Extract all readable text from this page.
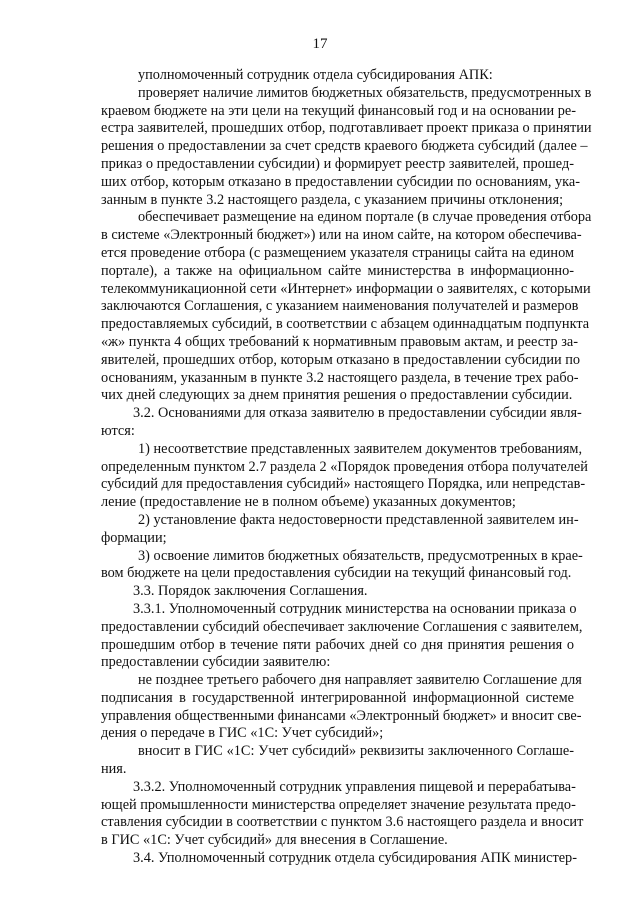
17
уполномоченный сотрудник отдела субсидирования АПК:
проверяет наличие лимитов бюджетных обязательств, предусмотренных в
краевом бюджете на эти цели на текущий финансовый год и на основании ре-
естра заявителей, прошедших отбор, подготавливает проект приказа о принятии
решения о предоставлении за счет средств краевого бюджета субсидий (далее –
приказ о предоставлении субсидии) и формирует реестр заявителей, прошед-
ших отбор, которым отказано в предоставлении субсидии по основаниям, ука-
занным в пункте 3.2 настоящего раздела, с указанием причины отклонения;
обеспечивает размещение на едином портале (в случае проведения отбора
в системе «Электронный бюджет») или на ином сайте, на котором обеспечива-
ется проведение отбора (с размещением указателя страницы сайта на едином
портале), а также на официальном сайте министерства в информационно-
телекоммуникационной сети «Интернет» информации о заявителях, с которыми
заключаются Соглашения, с указанием наименования получателей и размеров
предоставляемых субсидий, в соответствии с абзацем одиннадцатым подпункта
«ж» пункта 4 общих требований к нормативным правовым актам, и реестр за-
явителей, прошедших отбор, которым отказано в предоставлении субсидии по
основаниям, указанным в пункте 3.2 настоящего раздела, в течение трех рабо-
чих дней следующих за днем принятия решения о предоставлении субсидии.
3.2. Основаниями для отказа заявителю в предоставлении субсидии явля-
ются:
1) несоответствие представленных заявителем документов требованиям,
определенным пунктом 2.7 раздела 2 «Порядок проведения отбора получателей
субсидий для предоставления субсидий» настоящего Порядка, или непредстав-
ление (предоставление не в полном объеме) указанных документов;
2) установление факта недостоверности представленной заявителем ин-
формации;
3) освоение лимитов бюджетных обязательств, предусмотренных в крае-
вом бюджете на цели предоставления субсидии на текущий финансовый год.
3.3. Порядок заключения Соглашения.
3.3.1. Уполномоченный сотрудник министерства на основании приказа о
предоставлении субсидий обеспечивает заключение Соглашения с заявителем,
прошедшим отбор в течение пяти рабочих дней со дня принятия решения о
предоставлении субсидии заявителю:
не позднее третьего рабочего дня направляет заявителю Соглашение для
подписания в государственной интегрированной информационной системе
управления общественными финансами «Электронный бюджет» и вносит све-
дения о передаче в ГИС «1С: Учет субсидий»;
вносит в ГИС «1С: Учет субсидий» реквизиты заключенного Соглаше-
ния.
3.3.2. Уполномоченный сотрудник управления пищевой и перерабатыва-
ющей промышленности министерства определяет значение результата предо-
ставления субсидии в соответствии с пунктом 3.6 настоящего раздела и вносит
в ГИС «1С: Учет субсидий» для внесения в Соглашение.
3.4. Уполномоченный сотрудник отдела субсидирования АПК министер-
